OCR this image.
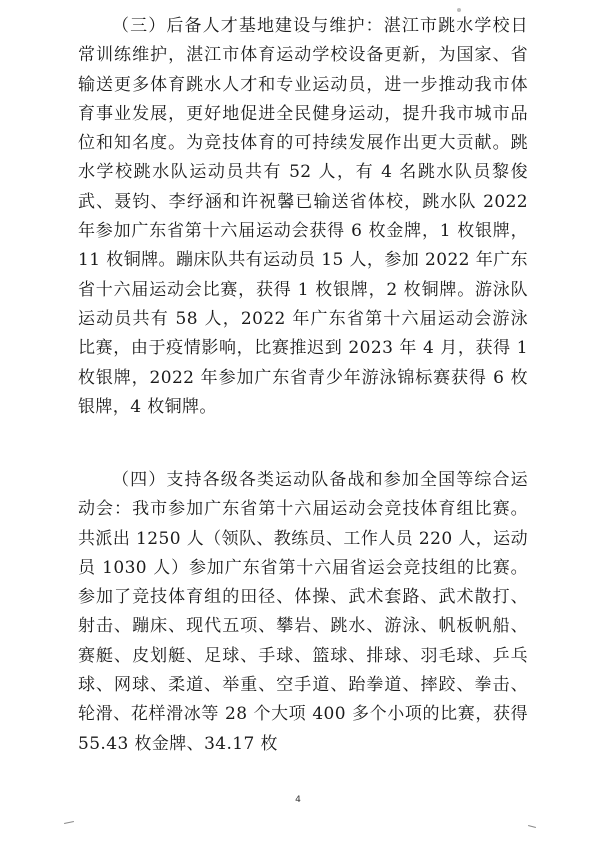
（三）后备人才基地建设与维护：湛江市跳水学校日常训练维护，湛江市体育运动学校设备更新，为国家、省输送更多体育跳水人才和专业运动员，进一步推动我市体育事业发展，更好地促进全民健身运动，提升我市城市品位和知名度。为竞技体育的可持续发展作出更大贡献。跳水学校跳水队运动员共有 52 人，有 4 名跳水队员黎俊武、聂钧、李纾涵和许祝馨已输送省体校，跳水队 2022 年参加广东省第十六届运动会获得 6 枚金牌，1 枚银牌，11 枚铜牌。蹦床队共有运动员 15 人，参加 2022 年广东省十六届运动会比赛，获得 1 枚银牌，2 枚铜牌。游泳队运动员共有 58 人，2022 年广东省第十六届运动会游泳比赛，由于疫情影响，比赛推迟到 2023 年 4 月，获得 1 枚银牌，2022 年参加广东省青少年游泳锦标赛获得 6 枚银牌，4 枚铜牌。

（四）支持各级各类运动队备战和参加全国等综合运动会：我市参加广东省第十六届运动会竞技体育组比赛。共派出 1250 人（领队、教练员、工作人员 220 人，运动员 1030 人）参加广东省第十六届省运会竞技组的比赛。参加了竞技体育组的田径、体操、武术套路、武术散打、射击、蹦床、现代五项、攀岩、跳水、游泳、帆板帆船、赛艇、皮划艇、足球、手球、篮球、排球、羽毛球、乒乓球、网球、柔道、举重、空手道、跆拳道、摔跤、拳击、轮滑、花样滑冰等 28 个大项 400 多个小项的比赛，获得 55.43 枚金牌、34.17 枚

4
